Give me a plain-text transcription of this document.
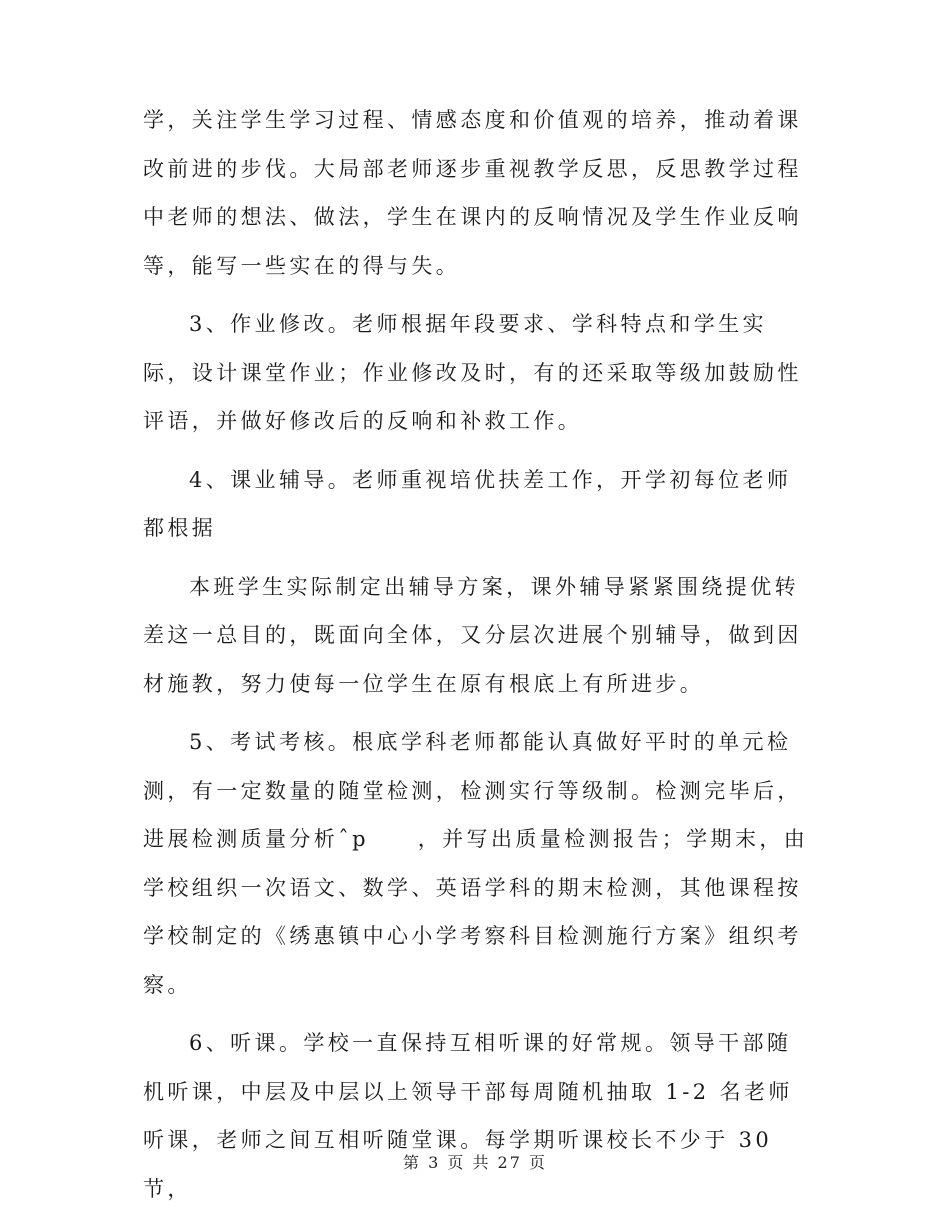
学，关注学生学习过程、情感态度和价值观的培养，推动着课改前进的步伐。大局部老师逐步重视教学反思，反思教学过程中老师的想法、做法，学生在课内的反响情况及学生作业反响等，能写一些实在的得与失。

3、作业修改。老师根据年段要求、学科特点和学生实际，设计课堂作业；作业修改及时，有的还采取等级加鼓励性评语，并做好修改后的反响和补救工作。

4、课业辅导。老师重视培优扶差工作，开学初每位老师都根据

本班学生实际制定出辅导方案，课外辅导紧紧围绕提优转差这一总目的，既面向全体，又分层次进展个别辅导，做到因材施教，努力使每一位学生在原有根底上有所进步。

5、考试考核。根底学科老师都能认真做好平时的单元检测，有一定数量的随堂检测，检测实行等级制。检测完毕后，进展检测质量分析ˆp　　，并写出质量检测报告；学期末，由学校组织一次语文、数学、英语学科的期末检测，其他课程按学校制定的《绣惠镇中心小学考察科目检测施行方案》组织考察。

6、听课。学校一直保持互相听课的好常规。领导干部随机听课，中层及中层以上领导干部每周随机抽取 1-2 名老师听课，老师之间互相听随堂课。每学期听课校长不少于 30 节，

第 3 页 共 27 页
